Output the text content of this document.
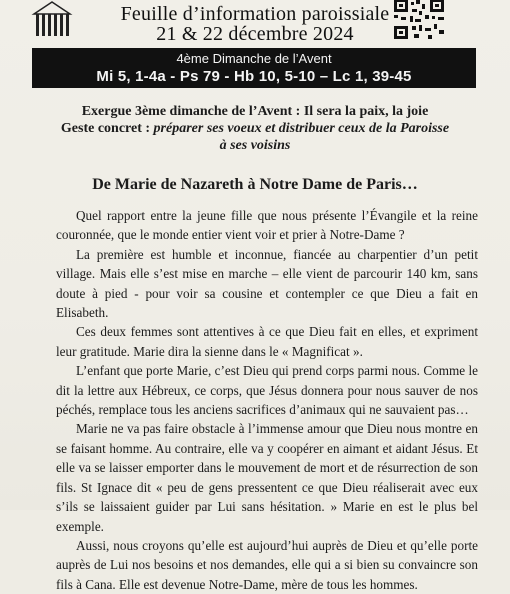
Feuille d’information paroissiale
21 & 22 décembre 2024
4ème Dimanche de l’Avent
Mi 5, 1-4a - Ps 79 - Hb 10, 5-10 – Lc 1, 39-45
Exergue 3ème dimanche de l’Avent : Il sera la paix, la joie
Geste concret : préparer ses voeux et distribuer ceux de la Paroisse
à ses voisins
De Marie de Nazareth à Notre Dame de Paris…

Quel rapport entre la jeune fille que nous présente l’Évangile et la reine couronnée, que le monde entier vient voir et prier à Notre-Dame ?

La première est humble et inconnue, fiancée au charpentier d’un petit village. Mais elle s’est mise en marche – elle vient de parcourir 140 km, sans doute à pied - pour voir sa cousine et contempler ce que Dieu a fait en Elisabeth.

Ces deux femmes sont attentives à ce que Dieu fait en elles, et expriment leur gratitude. Marie dira la sienne dans le « Magnificat ».

L’enfant que porte Marie, c’est Dieu qui prend corps parmi nous. Comme le dit la lettre aux Hébreux, ce corps, que Jésus donnera pour nous sauver de nos péchés, remplace tous les anciens sacrifices d’animaux qui ne sauvaient pas…

Marie ne va pas faire obstacle à l’immense amour que Dieu nous montre en se faisant homme. Au contraire, elle va y coopérer en aimant et aidant Jésus. Et elle va se laisser emporter dans le mouvement de mort et de résurrection de son fils. St Ignace dit « peu de gens pressentent ce que Dieu réaliserait avec eux s’ils se laissaient guider par Lui sans hésitation. » Marie en est le plus bel exemple.

Aussi, nous croyons qu’elle est aujourd’hui auprès de Dieu et qu’elle porte auprès de Lui nos besoins et nos demandes, elle qui a si bien su convaincre son fils à Cana. Elle est devenue Notre-Dame, mère de tous les hommes.
